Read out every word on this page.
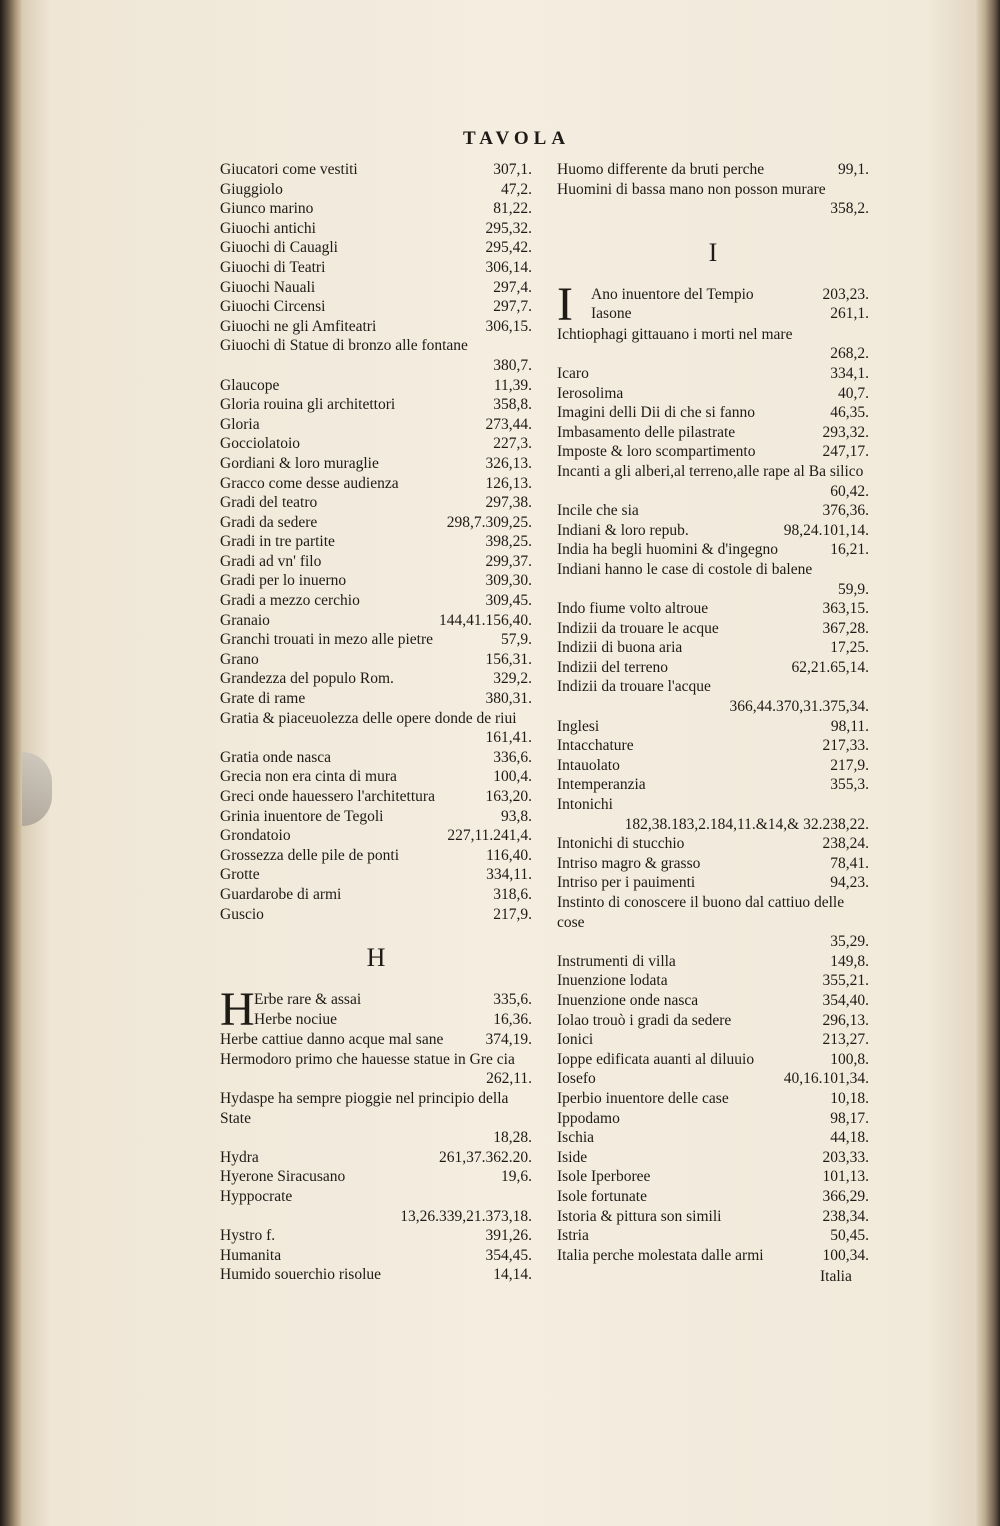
TAVOLA
Giucatori come vestiti	307,1.
Giuggiolo	47,2.
Giunco marino	81,22.
Giuochi antichi	295,32.
Giuochi di Cauagli	295,42.
Giuochi di Teatri	306,14.
Giuochi Nauali	297,4.
Giuochi Circensi	297,7.
Giuochi ne gli Amfiteatri	306,15.
Giuochi di Statue di bronzo alle fontane
380,7.
Glaucope	11,39.
Gloria rouina gli architettori	358,8.
Gloria	273,44.
Gocciolatoio	227,3.
Gordiani & loro muraglie	326,13.
Gracco come desse audienza	126,13.
Gradi del teatro	297,38.
Gradi da sedere	298,7.309,25.
Gradi in tre partite	398,25.
Gradi ad vn' filo	299,37.
Gradi per lo inuerno	309,30.
Gradi a mezzo cerchio	309,45.
Granaio	144,41.156,40.
Granchi trouati in mezo alle pietre	57,9.
Grano	156,31.
Grandezza del populo Rom.	329,2.
Grate di rame	380,31.
Gratia & piaceuolezza delle opere donde de riui
161,41.
Gratia onde nasca	336,6.
Grecia non era cinta di mura	100,4.
Greci onde hauessero l'architettura	163,20.
Grinia inuentore de Tegoli	93,8.
Grondatoio	227,11.241,4.
Grossezza delle pile de ponti	116,40.
Grotte	334,11.
Guardarobe di armi	318,6.
Guscio	217,9.
H
H Erbe rare & assai	335,6.
Herbe nociue	16,36.
Herbe cattiue danno acque mal sane	374,19.
Hermodoro primo che hauesse statue in Gre cia
262,11.
Hydaspe ha sempre pioggie nel principio della State
18,28.
Hydra	261,37.362.20.
Hyerone Siracusano	19,6.
Hyppocrate
13,26.339,21.373,18.
Hystro f.	391,26.
Humanita	354,45.
Humido souerchio risolue	14,14.
Huomo differente da bruti perche	99,1.
Huomini di bassa mano non posson murare
358,2.
I
I	Ano inuentore del Tempio	203,23.
Iasone	261,1.
Ichtiophagi gittauano i morti nel mare
268,2.
Icaro	334,1.
Ierosolima	40,7.
Imagini delli Dii di che si fanno	46,35.
Imbasamento delle pilastrate	293,32.
Imposte & loro scompartimento	247,17.
Incanti a gli alberi,al terreno,alle rape al Ba silico
60,42.
Incile che sia	376,36.
Indiani & loro repub.	98,24.101,14.
India ha begli huomini & d'ingegno	16,21.
Indiani hanno le case di costole di balene
59,9.
Indo fiume volto altroue	363,15.
Indizii da trouare le acque	367,28.
Indizii di buona aria	17,25.
Indizii del terreno	62,21.65,14.
Indizii da trouare l'acque
366,44.370,31.375,34.
Inglesi	98,11.
Intacchature	217,33.
Intauolato	217,9.
Intemperanzia	355,3.
Intonichi
182,38.183,2.184,11.&14,& 32.238,22.
Intonichi di stucchio	238,24.
Intriso magro & grasso	78,41.
Intriso per i pauimenti	94,23.
Instinto di conoscere il buono dal cattiuo delle cose
35,29.
Instrumenti di villa	149,8.
Inuenzione lodata	355,21.
Inuenzione onde nasca	354,40.
Iolao trouò i gradi da sedere	296,13.
Ionici	213,27.
Ioppe edificata auanti al diluuio	100,8.
Iosefo	40,16.101,34.
Iperbio inuentore delle case	10,18.
Ippodamo	98,17.
Ischia	44,18.
Iside	203,33.
Isole Iperboree	101,13.
Isole fortunate	366,29.
Istoria & pittura son simili	238,34.
Istria	50,45.
Italia perche molestata dalle armi	100,34.
Italia
